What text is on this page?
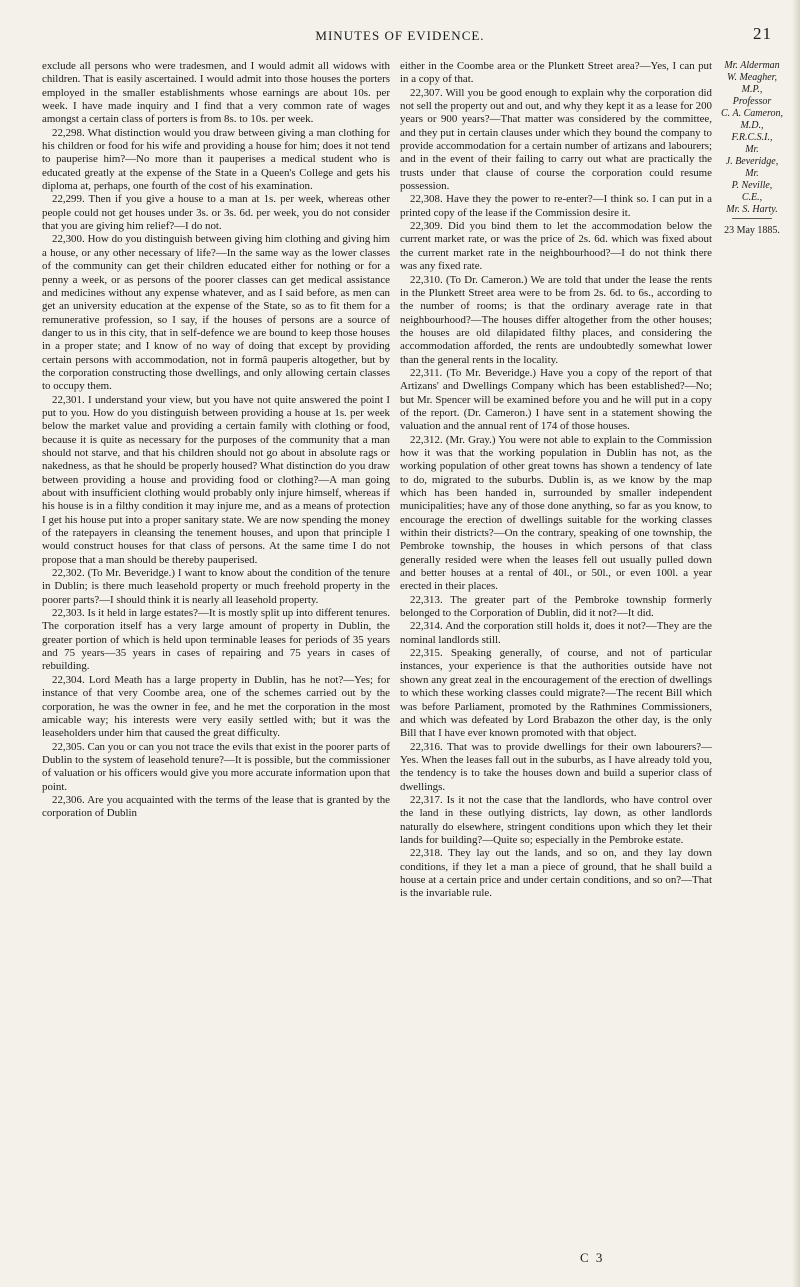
MINUTES OF EVIDENCE.	21

exclude all persons who were tradesmen, and I would admit all widows with children. That is easily ascertained. I would admit into those houses the porters employed in the smaller establishments whose earnings are about 10s. per week. I have made inquiry and I find that a very common rate of wages amongst a certain class of porters is from 8s. to 10s. per week.

22,298. What distinction would you draw between giving a man clothing for his children or food for his wife and providing a house for him; does it not tend to pauperise him?—No more than it pauperises a medical student who is educated greatly at the expense of the State in a Queen's College and gets his diploma at, perhaps, one fourth of the cost of his examination.

22,299. Then if you give a house to a man at 1s. per week, whereas other people could not get houses under 3s. or 3s. 6d. per week, you do not consider that you are giving him relief?—I do not.

22,300. How do you distinguish between giving him clothing and giving him a house, or any other necessary of life?—In the same way as the lower classes of the community can get their children educated either for nothing or for a penny a week, or as persons of the poorer classes can get medical assistance and medicines without any expense whatever, and as I said before, as men can get an university education at the expense of the State, so as to fit them for a remunerative profession, so I say, if the houses of persons are a source of danger to us in this city, that in self-defence we are bound to keep those houses in a proper state; and I know of no way of doing that except by providing certain persons with accommodation, not in formâ pauperis altogether, but by the corporation constructing those dwellings, and only allowing certain classes to occupy them.

22,301. I understand your view, but you have not quite answered the point I put to you. How do you distinguish between providing a house at 1s. per week below the market value and providing a certain family with clothing or food, because it is quite as necessary for the purposes of the community that a man should not starve, and that his children should not go about in absolute rags or nakedness, as that he should be properly housed? What distinction do you draw between providing a house and providing food or clothing?—A man going about with insufficient clothing would probably only injure himself, whereas if his house is in a filthy condition it may injure me, and as a means of protection I get his house put into a proper sanitary state. We are now spending the money of the ratepayers in cleansing the tenement houses, and upon that principle I would construct houses for that class of persons. At the same time I do not propose that a man should be thereby pauperised.

22,302. (To Mr. Beveridge.) I want to know about the condition of the tenure in Dublin; is there much leasehold property or much freehold property in the poorer parts?—I should think it is nearly all leasehold property.

22,303. Is it held in large estates?—It is mostly split up into different tenures. The corporation itself has a very large amount of property in Dublin, the greater portion of which is held upon terminable leases for periods of 35 years and 75 years—35 years in cases of repairing and 75 years in cases of rebuilding.

22,304. Lord Meath has a large property in Dublin, has he not?—Yes; for instance of that very Coombe area, one of the schemes carried out by the corporation, he was the owner in fee, and he met the corporation in the most amicable way; his interests were very easily settled with; but it was the leaseholders under him that caused the great difficulty.

22,305. Can you or can you not trace the evils that exist in the poorer parts of Dublin to the system of leasehold tenure?—It is possible, but the commissioner of valuation or his officers would give you more accurate information upon that point.

22,306. Are you acquainted with the terms of the lease that is granted by the corporation of Dublin

either in the Coombe area or the Plunkett Street area?—Yes, I can put in a copy of that.

22,307. Will you be good enough to explain why the corporation did not sell the property out and out, and why they kept it as a lease for 200 years or 900 years?—That matter was considered by the committee, and they put in certain clauses under which they bound the company to provide accommodation for a certain number of artizans and labourers; and in the event of their failing to carry out what are practically the trusts under that clause of course the corporation could resume possession.

22,308. Have they the power to re-enter?—I think so. I can put in a printed copy of the lease if the Commission desire it.

22,309. Did you bind them to let the accommodation below the current market rate, or was the price of 2s. 6d. which was fixed about the current market rate in the neighbourhood?—I do not think there was any fixed rate.

22,310. (To Dr. Cameron.) We are told that under the lease the rents in the Plunkett Street area were to be from 2s. 6d. to 6s., according to the number of rooms; is that the ordinary average rate in that neighbourhood?—The houses differ altogether from the other houses; the houses are old dilapidated filthy places, and considering the accommodation afforded, the rents are undoubtedly somewhat lower than the general rents in the locality.

22,311. (To Mr. Beveridge.) Have you a copy of the report of that Artizans' and Dwellings Company which has been established?—No; but Mr. Spencer will be examined before you and he will put in a copy of the report. (Dr. Cameron.) I have sent in a statement showing the valuation and the annual rent of 174 of those houses.

22,312. (Mr. Gray.) You were not able to explain to the Commission how it was that the working population in Dublin has not, as the working population of other great towns has shown a tendency of late to do, migrated to the suburbs. Dublin is, as we know by the map which has been handed in, surrounded by smaller independent municipalities; have any of those done anything, so far as you know, to encourage the erection of dwellings suitable for the working classes within their districts?—On the contrary, speaking of one township, the Pembroke township, the houses in which persons of that class generally resided were when the leases fell out usually pulled down and better houses at a rental of 40l., or 50l., or even 100l. a year erected in their places.

22,313. The greater part of the Pembroke township formerly belonged to the Corporation of Dublin, did it not?—It did.

22,314. And the corporation still holds it, does it not?—They are the nominal landlords still.

22,315. Speaking generally, of course, and not of particular instances, your experience is that the authorities outside have not shown any great zeal in the encouragement of the erection of dwellings to which these working classes could migrate?—The recent Bill which was before Parliament, promoted by the Rathmines Commissioners, and which was defeated by Lord Brabazon the other day, is the only Bill that I have ever known promoted with that object.

22,316. That was to provide dwellings for their own labourers?—Yes. When the leases fall out in the suburbs, as I have already told you, the tendency is to take the houses down and build a superior class of dwellings.

22,317. Is it not the case that the landlords, who have control over the land in these outlying districts, lay down, as other landlords naturally do elsewhere, stringent conditions upon which they let their lands for building?—Quite so; especially in the Pembroke estate.

22,318. They lay out the lands, and so on, and they lay down conditions, if they let a man a piece of ground, that he shall build a house at a certain price and under certain conditions, and so on?—That is the invariable rule.

Mr. Alderman
W. Meagher,
M.P.,
Professor
C. A. Cameron,
M.D.,
F.R.C.S.I.,
Mr.
J. Beveridge,
Mr.
P. Neville,
C.E.,
Mr. S. Harty.
23 May 1885.
C 3
